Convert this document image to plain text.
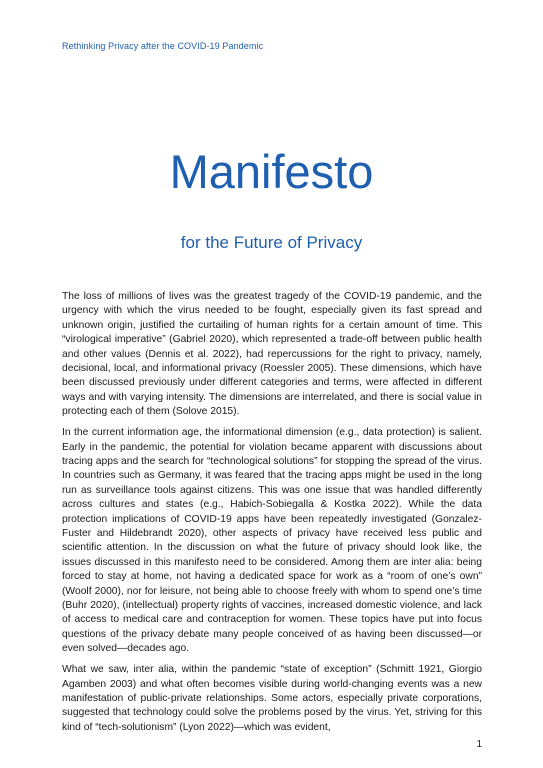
Rethinking Privacy after the COVID-19 Pandemic
Manifesto
for the Future of Privacy

The loss of millions of lives was the greatest tragedy of the COVID-19 pandemic, and the urgency with which the virus needed to be fought, especially given its fast spread and unknown origin, justified the curtailing of human rights for a certain amount of time. This “virological imperative” (Gabriel 2020), which represented a trade-off between public health and other values (Dennis et al. 2022), had repercussions for the right to privacy, namely, decisional, local, and informational privacy (Roessler 2005). These dimensions, which have been discussed previously under different categories and terms, were affected in different ways and with varying intensity. The dimensions are interrelated, and there is social value in protecting each of them (Solove 2015).

In the current information age, the informational dimension (e.g., data protection) is salient. Early in the pandemic, the potential for violation became apparent with discussions about tracing apps and the search for “technological solutions” for stopping the spread of the virus. In countries such as Germany, it was feared that the tracing apps might be used in the long run as surveillance tools against citizens. This was one issue that was handled differently across cultures and states (e.g., Habich-Sobiegalla & Kostka 2022). While the data protection implications of COVID-19 apps have been repeatedly investigated (Gonzalez-Fuster and Hildebrandt 2020), other aspects of privacy have received less public and scientific attention. In the discussion on what the future of privacy should look like, the issues discussed in this manifesto need to be considered. Among them are inter alia: being forced to stay at home, not having a dedicated space for work as a “room of one’s own” (Woolf 2000), nor for leisure, not being able to choose freely with whom to spend one’s time (Buhr 2020), (intellectual) property rights of vaccines, increased domestic violence, and lack of access to medical care and contraception for women. These topics have put into focus questions of the privacy debate many people conceived of as having been discussed—or even solved—decades ago.

What we saw, inter alia, within the pandemic “state of exception” (Schmitt 1921, Giorgio Agamben 2003) and what often becomes visible during world-changing events was a new manifestation of public-private relationships. Some actors, especially private corporations, suggested that technology could solve the problems posed by the virus. Yet, striving for this kind of “tech-solutionism” (Lyon 2022)—which was evident,

1
